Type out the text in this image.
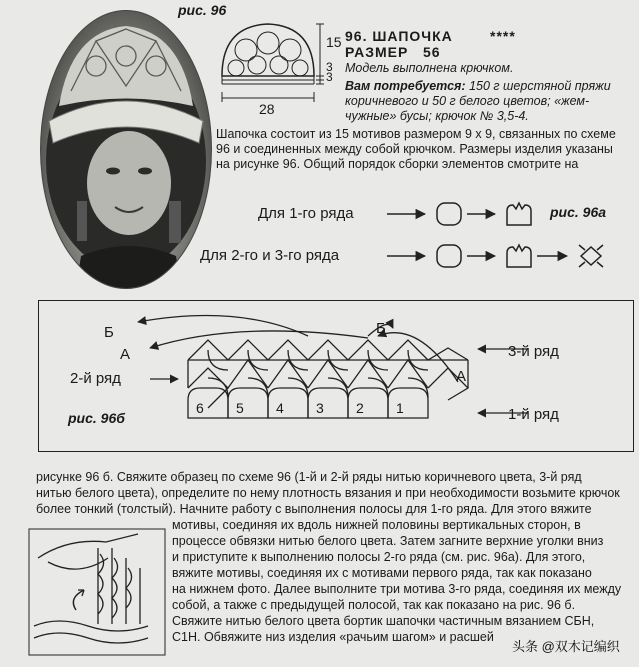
рис. 96
15
3
3
28
96. ШАПОЧКА	****
РАЗМЕР   56
Модель выполнена крючком.
Вам потребуется: 150 г шерстяной пряжи
коричневого и 50 г белого цветов; «жем-
чужные» бусы; крючок № 3,5-4.
Шапочка состоит из 15 мотивов размером 9 х 9, связанных по схеме
96 и соединенных между собой крючком. Размеры изделия указаны
на рисунке 96. Общий порядок сборки элементов смотрите на
Для 1-го ряда
Для 2-го и 3-го ряда
рис. 96а
Б	Б
А
А
2-й ряд
3-й ряд
1-й ряд
рис. 96б
6 5 4 3 2 1
рисунке 96 б. Свяжите образец по схеме 96 (1-й и 2-й ряды нитью коричневого цвета, 3-й ряд
нитью белого цвета), определите по нему плотность вязания и при необходимости возьмите крючок
более тонкий (толстый). Начните работу с выполнения полосы для 1-го ряда. Для этого вяжите
мотивы, соединяя их вдоль нижней половины вертикальных сторон, в
процессе обвязки нитью белого цвета. Затем загните верхние уголки вниз
и приступите к выполнению полосы 2-го ряда (см. рис. 96а). Для этого,
вяжите мотивы, соединяя их с мотивами первого ряда, так как показано
на нижнем фото. Далее выполните три мотива 3-го ряда, соединяя их между
собой, а также с предыдущей полосой, так как показано на рис. 96 б.
Свяжите нитью белого цвета бортик шапочки частичным вязанием СБН,
С1Н. Обвяжите низ изделия «рачьим шагом» и расшей
头条 @双木记编织
